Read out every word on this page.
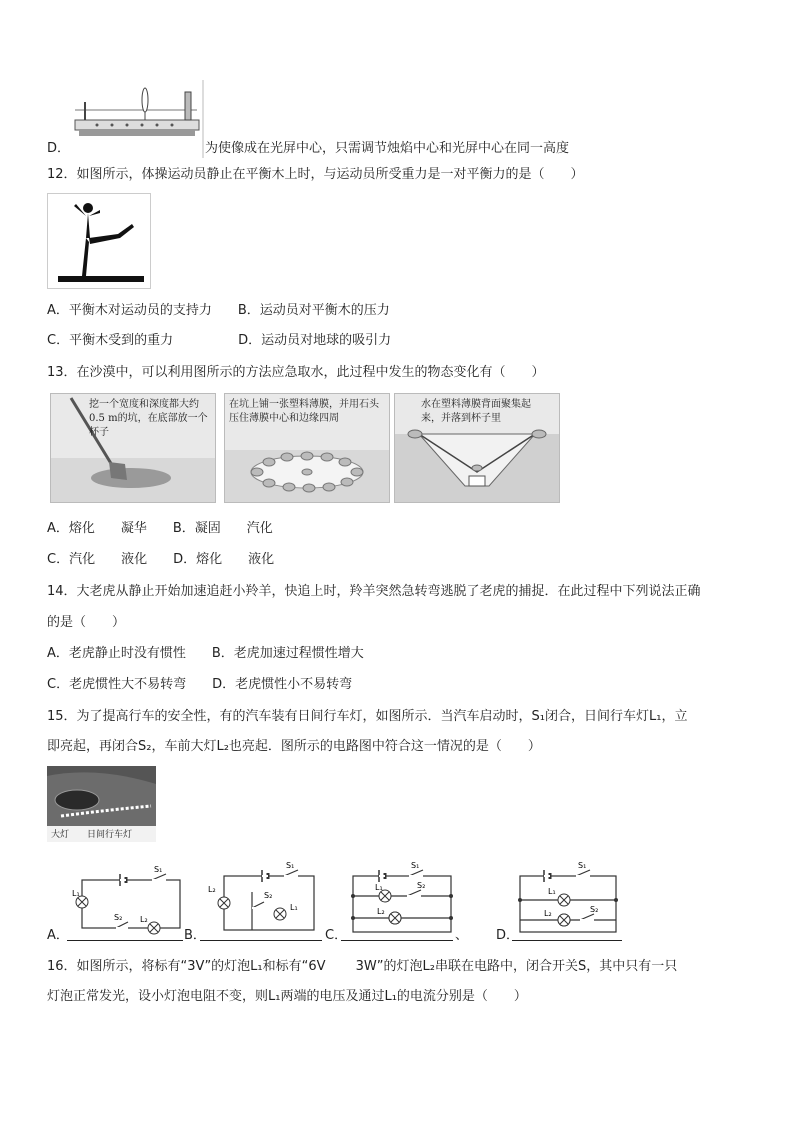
D．	为使像成在光屏中心，只需调节烛焰中心和光屏中心在同一高度
12．如图所示，体操运动员静止在平衡木上时，与运动员所受重力是一对平衡力的是（　　）
A．平衡木对运动员的支持力　　B．运动员对平衡木的压力
C．平衡木受到的重力　　　　　D．运动员对地球的吸引力
13．在沙漠中，可以利用图所示的方法应急取水，此过程中发生的物态变化有（　　）
挖一个宽度和深度都大约0.5 m的坑，在底部放一个杯子
在坑上铺一张塑料薄膜，并用石头压住薄膜中心和边缘四周
水在塑料薄膜背面聚集起来，并落到杯子里
A．熔化　　凝华　　B．凝固　　汽化
C．汽化　　液化　　D．熔化　　液化
14．大老虎从静止开始加速追赶小羚羊，快追上时，羚羊突然急转弯逃脱了老虎的捕捉．在此过程中下列说法正确
的是（　　）
A．老虎静止时没有惯性　　B．老虎加速过程惯性增大
C．老虎惯性大不易转弯　　D．老虎惯性小不易转弯
15．为了提高行车的安全性，有的汽车装有日间行车灯，如图所示．当汽车启动时，S₁闭合，日间行车灯L₁，立
即亮起，再闭合S₂，车前大灯L₂也亮起．图所示的电路图中符合这一情况的是（　　）
大灯 日间行车灯
A．	B．	C．	、 D．
L₁
S₁
S₂ L₂
L₂
S₁
S₂
L₁
S₁
L₁	S₂
L₂
S₁
L₁
L₂	S₂
16．如图所示，将标有“3V”的灯泡L₁和标有“6V　　 3W”的灯泡L₂串联在电路中，闭合开关S，其中只有一只
灯泡正常发光，设小灯泡电阻不变，则L₁两端的电压及通过L₁的电流分别是（　　）
